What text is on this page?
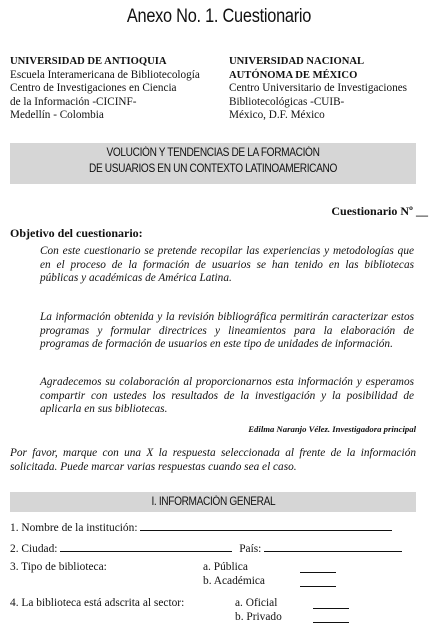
Anexo No. 1. Cuestionario
UNIVERSIDAD DE ANTIOQUIA
Escuela Interamericana de Bibliotecología
Centro de Investigaciones en Ciencia
de la Información -CICINF-
Medellín - Colombia
UNIVERSIDAD NACIONAL
AUTÓNOMA DE MÉXICO
Centro Universitario de Investigaciones
Bibliotecológicas -CUIB-
México, D.F. México
VOLUCIÓN Y TENDENCIAS DE LA FORMACIÓN
DE USUARIOS EN UN CONTEXTO LATINOAMERICANO
Cuestionario Nº __
Objetivo del cuestionario:
Con este cuestionario se pretende recopilar las experiencias y metodologías que en el proceso de la formación de usuarios se han tenido en las bibliotecas públicas y académicas de América Latina.
La información obtenida y la revisión bibliográfica permitirán caracterizar estos programas y formular directrices y lineamientos para la elaboración de programas de formación de usuarios en este tipo de unidades de información.
Agradecemos su colaboración al proporcionarnos esta información y esperamos compartir con ustedes los resultados de la investigación y la posibilidad de aplicarla en sus bibliotecas.
Edilma Naranjo Vélez. Investigadora principal
Por favor, marque con una X la respuesta seleccionada al frente de la información solicitada. Puede marcar varias respuestas cuando sea el caso.
I. INFORMACIÓN GENERAL
1. Nombre de la institución:
2. Ciudad:	País:
3. Tipo de biblioteca:	a. Pública
b. Académica
4. La biblioteca está adscrita al sector:	a. Oficial
b. Privado
